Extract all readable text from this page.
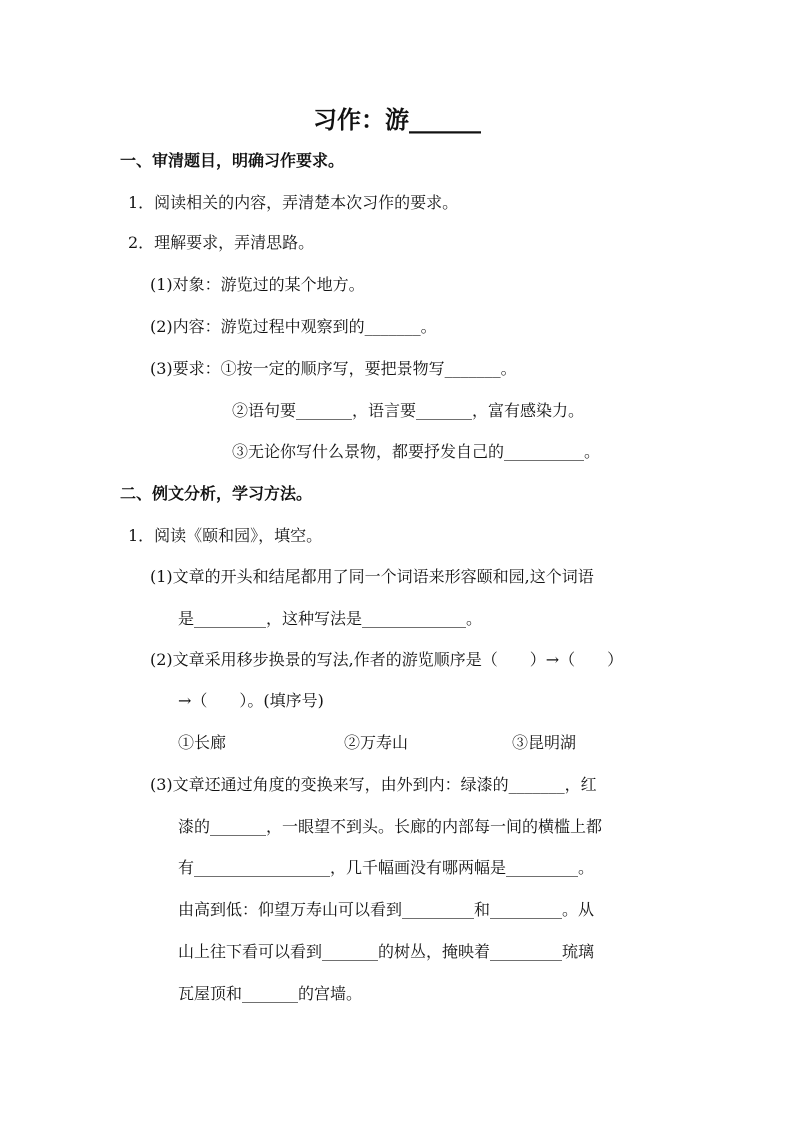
习作：游______
一、审清题目，明确习作要求。
1．阅读相关的内容，弄清楚本次习作的要求。
2．理解要求，弄清思路。
(1)对象：游览过的某个地方。
(2)内容：游览过程中观察到的_______。
(3)要求：①按一定的顺序写，要把景物写_______。
②语句要_______，语言要_______，富有感染力。
③无论你写什么景物，都要抒发自己的__________。
二、例文分析，学习方法。
1．阅读《颐和园》，填空。
(1)文章的开头和结尾都用了同一个词语来形容颐和园,这个词语
是_________，这种写法是_____________。
(2)文章采用移步换景的写法,作者的游览顺序是（　　）→（　　）
→（　　）。(填序号)
①长廊	②万寿山	③昆明湖
(3)文章还通过角度的变换来写，由外到内：绿漆的_______，红
漆的_______，一眼望不到头。长廊的内部每一间的横槛上都
有_________________，几千幅画没有哪两幅是_________。
由高到低：仰望万寿山可以看到_________和_________。从
山上往下看可以看到_______的树丛，掩映着_________琉璃
瓦屋顶和_______的宫墙。
